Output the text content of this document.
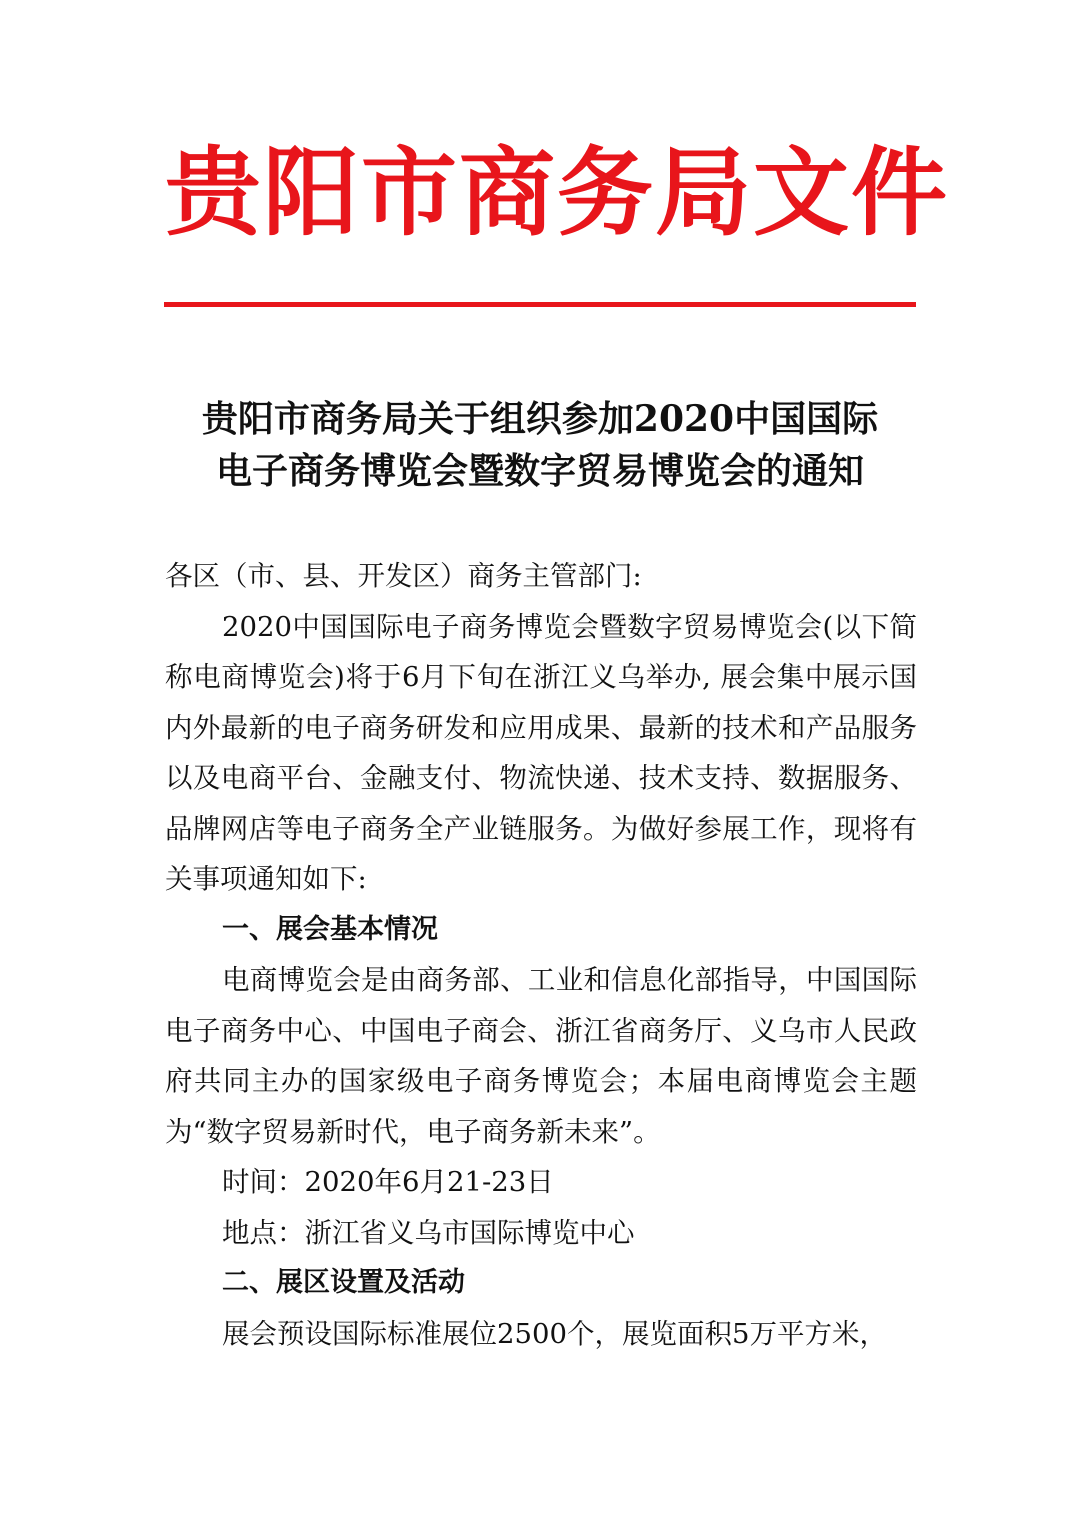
贵阳市商务局文件
贵阳市商务局关于组织参加2020中国国际
电子商务博览会暨数字贸易博览会的通知

各区（市、县、开发区）商务主管部门:

2020中国国际电子商务博览会暨数字贸易博览会(以下简称电商博览会)将于6月下旬在浙江义乌举办, 展会集中展示国内外最新的电子商务研发和应用成果、最新的技术和产品服务以及电商平台、金融支付、物流快递、技术支持、数据服务、品牌网店等电子商务全产业链服务。为做好参展工作，现将有关事项通知如下:

一、展会基本情况

电商博览会是由商务部、工业和信息化部指导，中国国际电子商务中心、中国电子商会、浙江省商务厅、义乌市人民政府共同主办的国家级电子商务博览会；本届电商博览会主题为“数字贸易新时代，电子商务新未来”。

时间：2020年6月21-23日

地点：浙江省义乌市国际博览中心

二、展区设置及活动

展会预设国际标准展位2500个，展览面积5万平方米，
